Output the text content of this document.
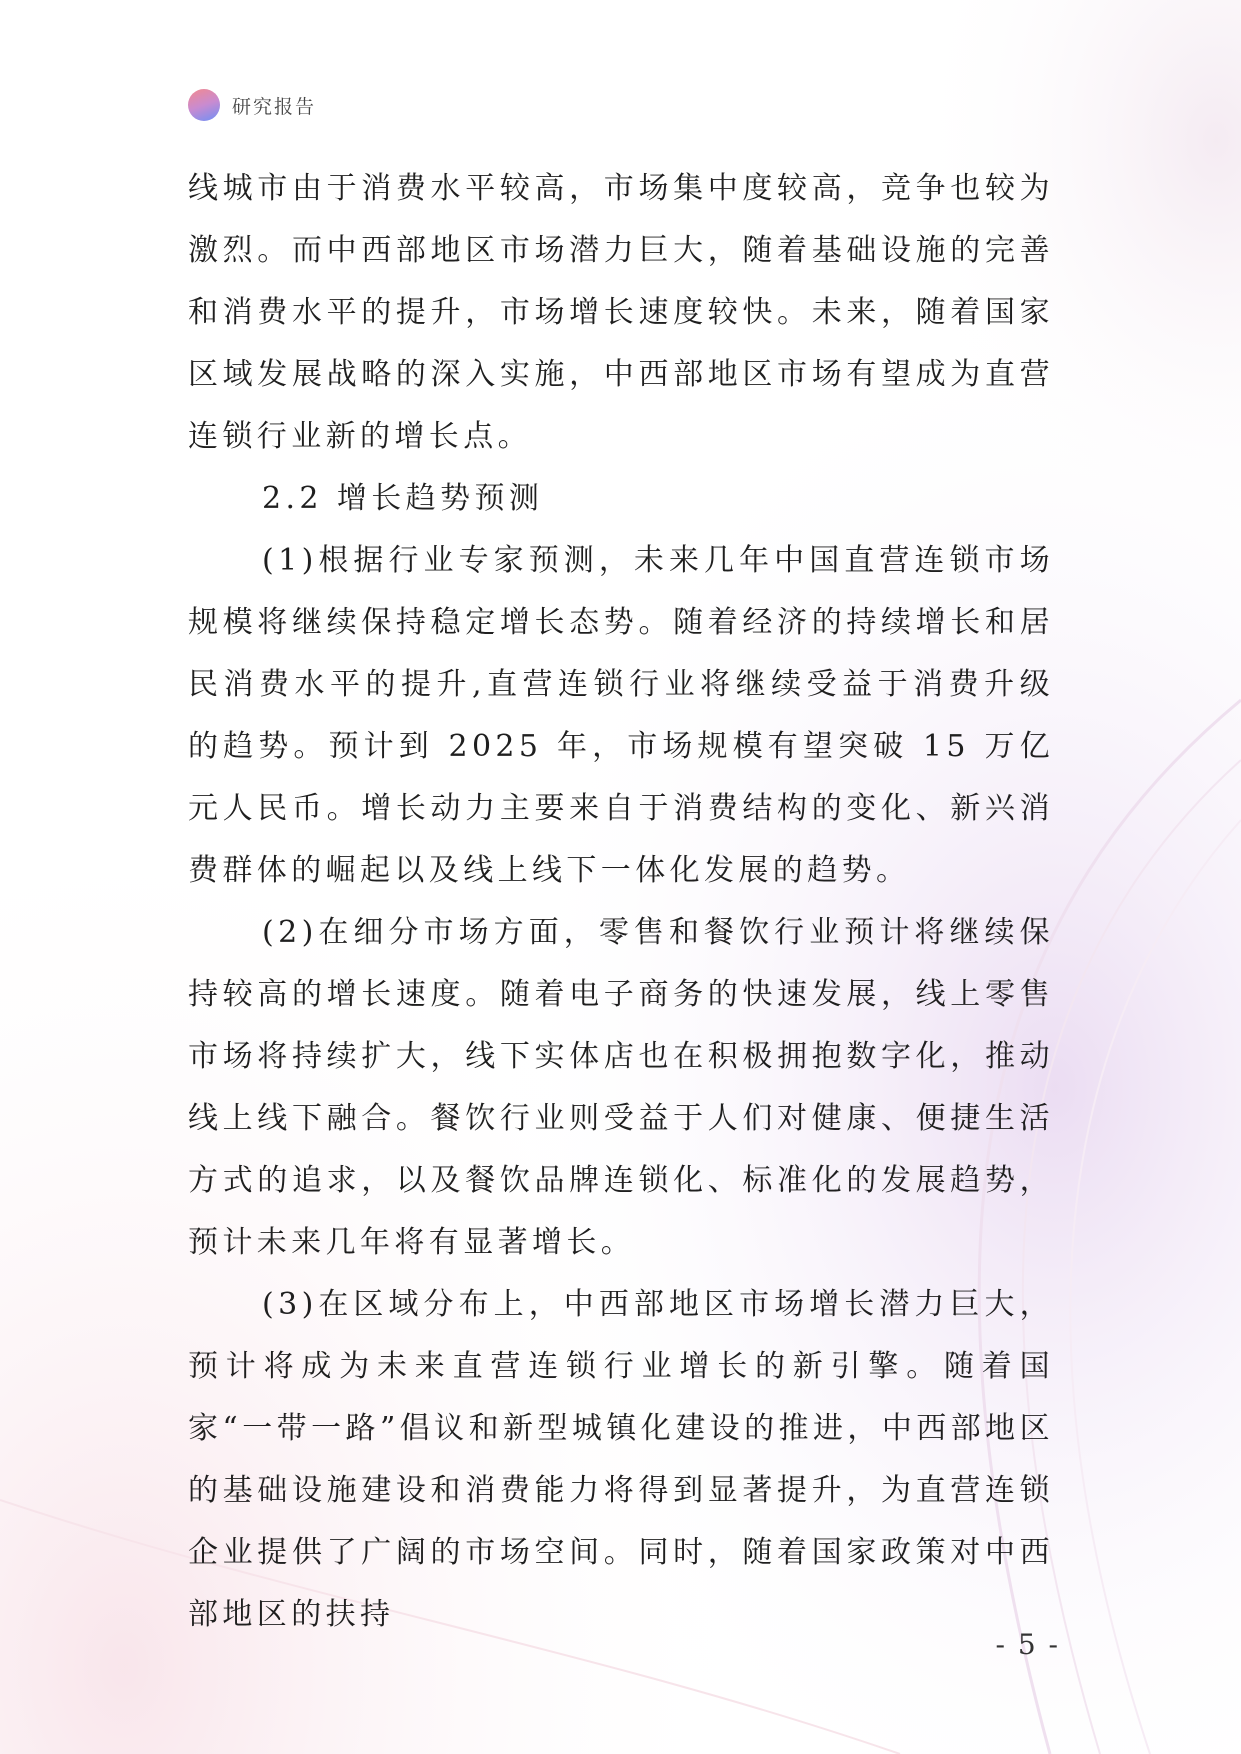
研究报告

线城市由于消费水平较高，市场集中度较高，竞争也较为激烈。而中西部地区市场潜力巨大，随着基础设施的完善和消费水平的提升，市场增长速度较快。未来，随着国家区域发展战略的深入实施，中西部地区市场有望成为直营连锁行业新的增长点。

2.2 增长趋势预测

(1)根据行业专家预测，未来几年中国直营连锁市场规模将继续保持稳定增长态势。随着经济的持续增长和居民消费水平的提升,直营连锁行业将继续受益于消费升级的趋势。预计到 2025 年，市场规模有望突破 15 万亿元人民币。增长动力主要来自于消费结构的变化、新兴消费群体的崛起以及线上线下一体化发展的趋势。

(2)在细分市场方面，零售和餐饮行业预计将继续保持较高的增长速度。随着电子商务的快速发展，线上零售市场将持续扩大，线下实体店也在积极拥抱数字化，推动线上线下融合。餐饮行业则受益于人们对健康、便捷生活方式的追求，以及餐饮品牌连锁化、标准化的发展趋势，预计未来几年将有显著增长。

(3)在区域分布上，中西部地区市场增长潜力巨大，预计将成为未来直营连锁行业增长的新引擎。随着国家“一带一路”倡议和新型城镇化建设的推进，中西部地区的基础设施建设和消费能力将得到显著提升，为直营连锁企业提供了广阔的市场空间。同时，随着国家政策对中西部地区的扶持

- 5 -
